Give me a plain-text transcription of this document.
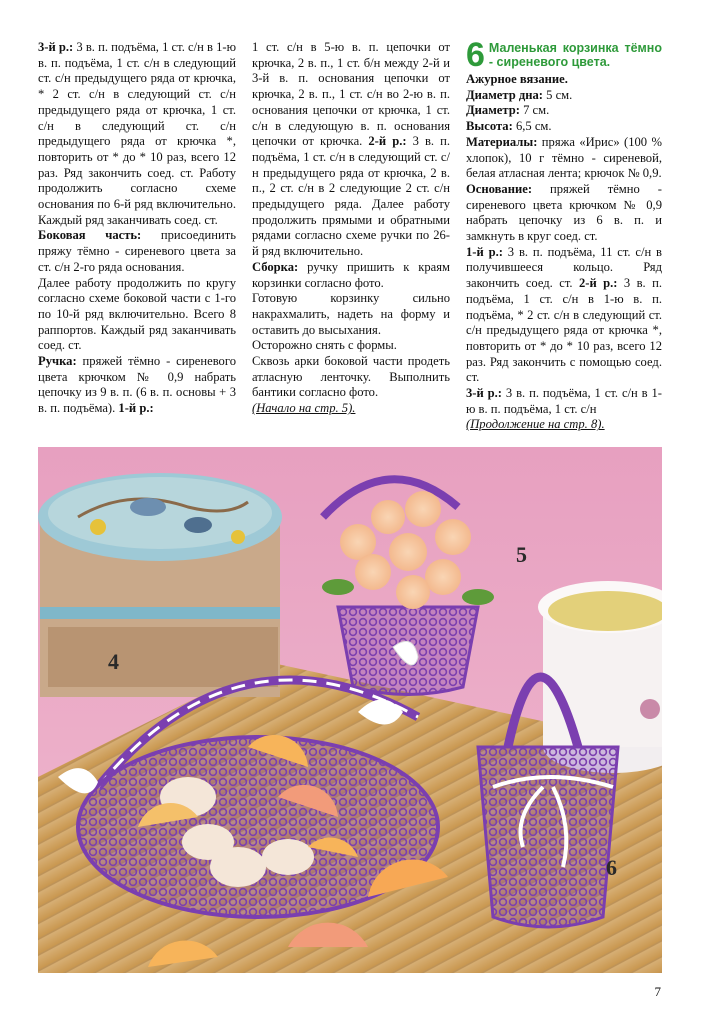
3-й р.: 3 в. п. подъёма, 1 ст. с/н в 1-ю в. п. подъёма, 1 ст. с/н в следующий ст. с/н предыдущего ряда от крючка, * 2 ст. с/н в следующий ст. с/н предыдущего ряда от крючка, 1 ст. с/н в следующий ст. с/н предыдущего ряда от крючка *, повторить от * до * 10 раз, всего 12 раз. Ряд закончить соед. ст. Работу продолжить согласно схеме основания по 6-й ряд включительно. Каждый ряд заканчивать соед. ст.

Боковая часть: присоединить пряжу тёмно - сиреневого цвета за ст. с/н 2-го ряда основания.

Далее работу продолжить по кругу согласно схеме боковой части с 1-го по 10-й ряд включительно. Всего 8 раппортов. Каждый ряд заканчивать соед. ст.

Ручка: пряжей тёмно - сиреневого цвета крючком № 0,9 набрать цепочку из 9 в. п. (6 в. п. основы + 3 в. п. подъёма). 1-й р.:

1 ст. с/н в 5-ю в. п. цепочки от крючка, 2 в. п., 1 ст. б/н между 2-й и 3-й в. п. основания цепочки от крючка, 2 в. п., 1 ст. с/н во 2-ю в. п. основания цепочки от крючка, 1 ст. с/н в следующую в. п. основания цепочки от крючка. 2-й р.: 3 в. п. подъёма, 1 ст. с/н в следующий ст. с/н предыдущего ряда от крючка, 2 в. п., 2 ст. с/н в 2 следующие 2 ст. с/н предыдущего ряда. Далее работу продолжить прямыми и обратными рядами согласно схеме ручки по 26-й ряд включительно.

Сборка: ручку пришить к краям корзинки согласно фото.

Готовую корзинку сильно накрахмалить, надеть на форму и оставить до высыхания.

Осторожно снять с формы.

Сквозь арки боковой части продеть атласную ленточку. Выполнить бантики согласно фото.

(Начало на стр. 5).

6 Маленькая корзинка тёмно - сиреневого цвета.

Ажурное вязание.

Диаметр дна: 5 см.

Диаметр: 7 см.

Высота: 6,5 см.

Материалы: пряжа «Ирис» (100 % хлопок), 10 г тёмно - сиреневой, белая атласная лента; крючок № 0,9.

Основание: пряжей тёмно - сиреневого цвета крючком № 0,9 набрать цепочку из 6 в. п. и замкнуть в круг соед. ст.

1-й р.: 3 в. п. подъёма, 11 ст. с/н в получившееся кольцо. Ряд закончить соед. ст. 2-й р.: 3 в. п. подъёма, 1 ст. с/н в 1-ю в. п. подъёма, * 2 ст. с/н в следующий ст. с/н предыдущего ряда от крючка *, повторить от * до * 10 раз, всего 12 раз. Ряд закончить с помощью соед. ст.

3-й р.: 3 в. п. подъёма, 1 ст. с/н в 1-ю в. п. подъёма, 1 ст. с/н

(Продолжение на стр. 8).

5
4
6
7
